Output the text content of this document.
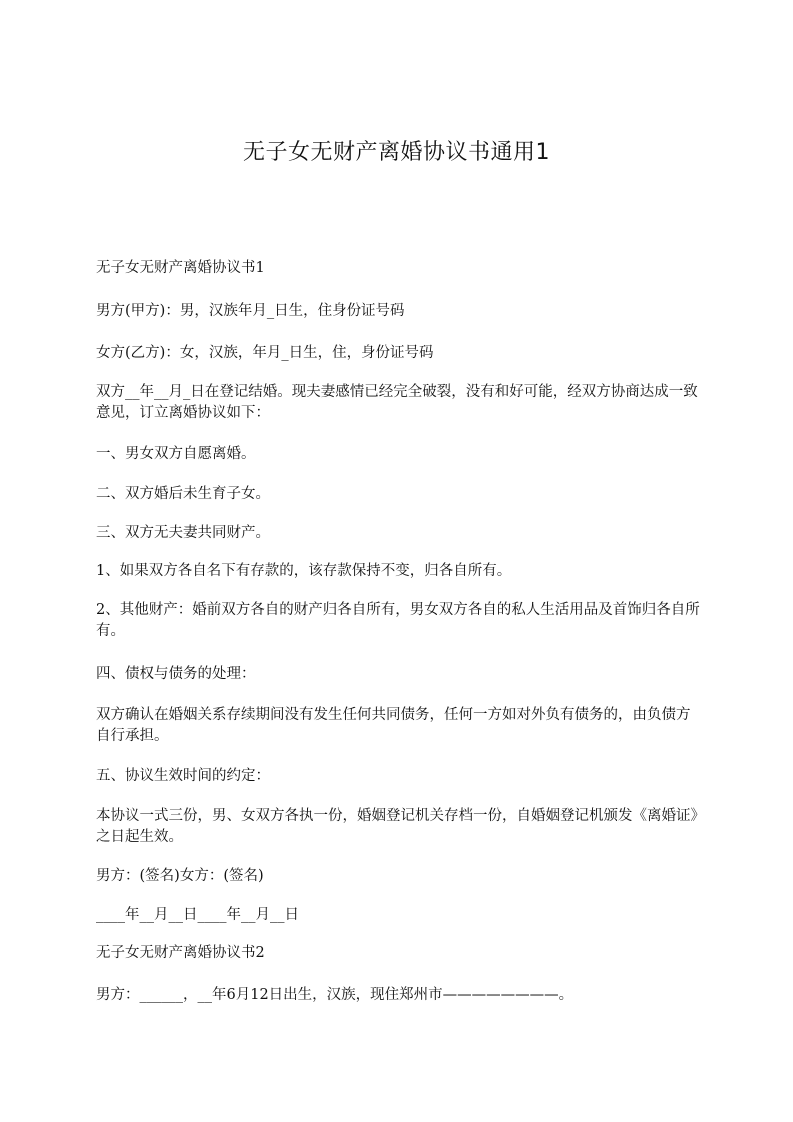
无子女无财产离婚协议书通用1
无子女无财产离婚协议书1
男方(甲方)：男，汉族年月_日生，住身份证号码
女方(乙方)：女，汉族，年月_日生，住，身份证号码
双方__年__月_日在登记结婚。现夫妻感情已经完全破裂，没有和好可能，经双方协商达成一致意见，订立离婚协议如下：
一、男女双方自愿离婚。
二、双方婚后未生育子女。
三、双方无夫妻共同财产。
1、如果双方各自名下有存款的，该存款保持不变，归各自所有。
2、其他财产：婚前双方各自的财产归各自所有，男女双方各自的私人生活用品及首饰归各自所有。
四、债权与债务的处理：
双方确认在婚姻关系存续期间没有发生任何共同债务，任何一方如对外负有债务的，由负债方自行承担。
五、协议生效时间的约定：
本协议一式三份，男、女双方各执一份，婚姻登记机关存档一份，自婚姻登记机颁发《离婚证》之日起生效。
男方：(签名)女方：(签名)
____年__月__日____年__月__日
无子女无财产离婚协议书2
男方：______，__年6月12日出生，汉族，现住郑州市————————。
